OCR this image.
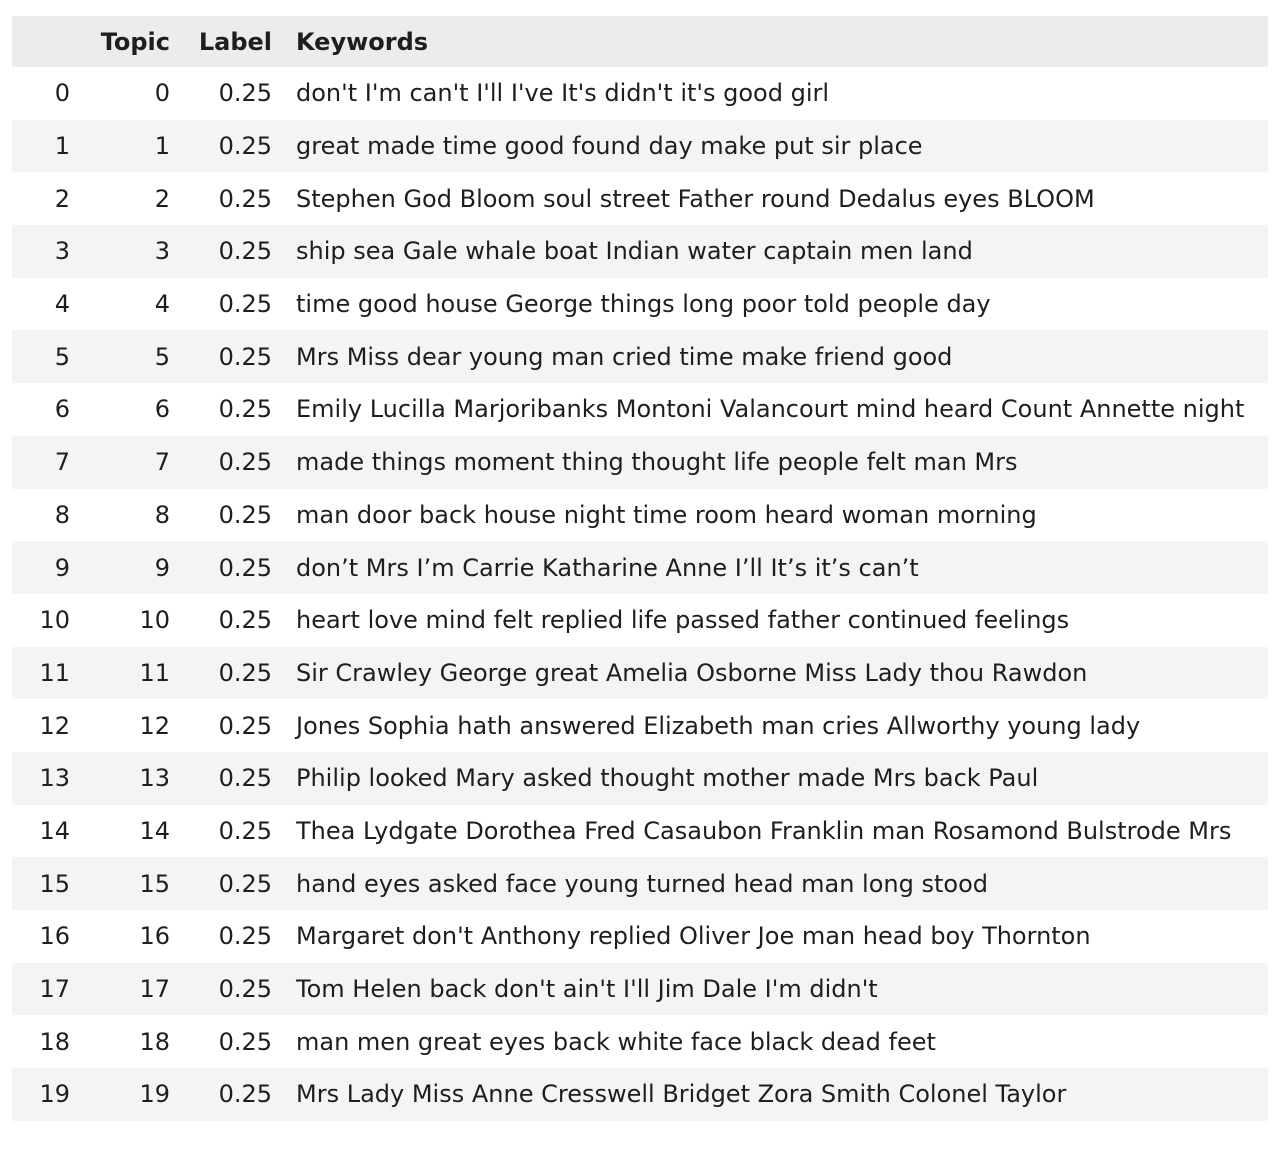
	Topic	Label	Keywords
0	0	0.25	don't I'm can't I'll I've It's didn't it's good girl
1	1	0.25	great made time good found day make put sir place
2	2	0.25	Stephen God Bloom soul street Father round Dedalus eyes BLOOM
3	3	0.25	ship sea Gale whale boat Indian water captain men land
4	4	0.25	time good house George things long poor told people day
5	5	0.25	Mrs Miss dear young man cried time make friend good
6	6	0.25	Emily Lucilla Marjoribanks Montoni Valancourt mind heard Count Annette night
7	7	0.25	made things moment thing thought life people felt man Mrs
8	8	0.25	man door back house night time room heard woman morning
9	9	0.25	don’t Mrs I’m Carrie Katharine Anne I’ll It’s it’s can’t
10	10	0.25	heart love mind felt replied life passed father continued feelings
11	11	0.25	Sir Crawley George great Amelia Osborne Miss Lady thou Rawdon
12	12	0.25	Jones Sophia hath answered Elizabeth man cries Allworthy young lady
13	13	0.25	Philip looked Mary asked thought mother made Mrs back Paul
14	14	0.25	Thea Lydgate Dorothea Fred Casaubon Franklin man Rosamond Bulstrode Mrs
15	15	0.25	hand eyes asked face young turned head man long stood
16	16	0.25	Margaret don't Anthony replied Oliver Joe man head boy Thornton
17	17	0.25	Tom Helen back don't ain't I'll Jim Dale I'm didn't
18	18	0.25	man men great eyes back white face black dead feet
19	19	0.25	Mrs Lady Miss Anne Cresswell Bridget Zora Smith Colonel Taylor
